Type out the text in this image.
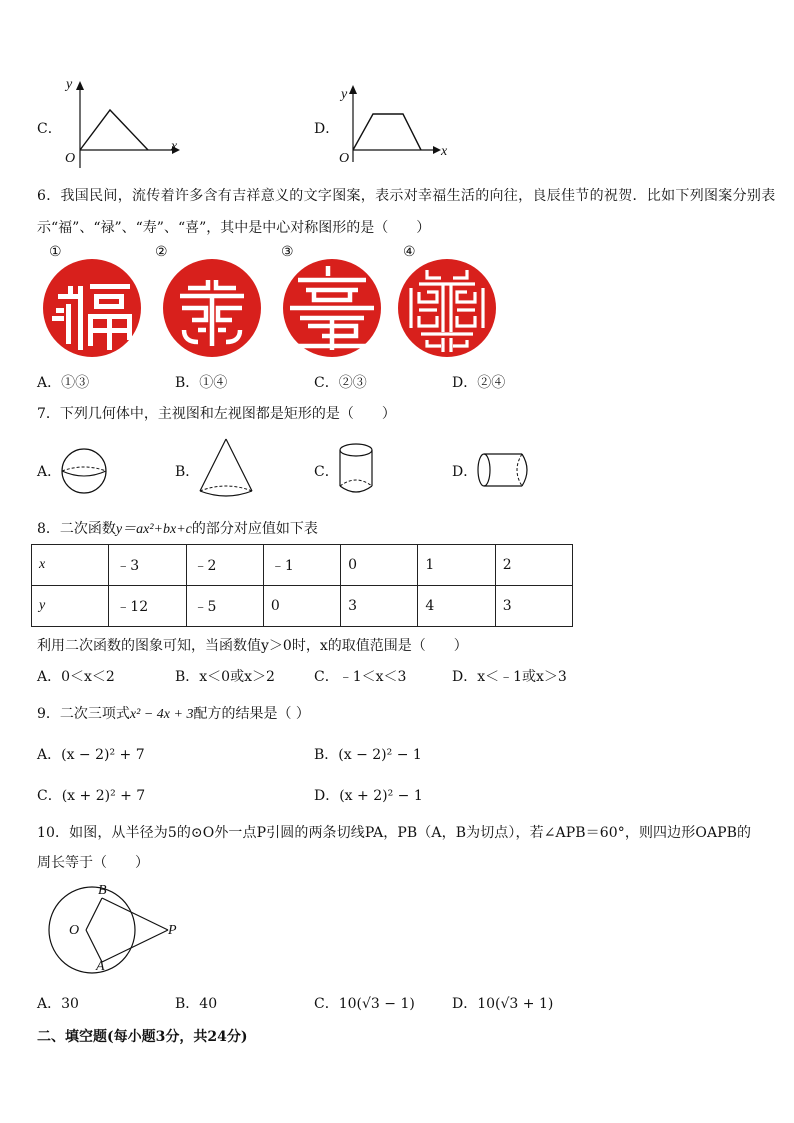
C．
y
x
O
D．
y
x
O
6．我国民间，流传着许多含有吉祥意义的文字图案，表示对幸福生活的向往，良辰佳节的祝贺．比如下列图案分别表
示“福”、“禄”、“寿”、“喜”，其中是中心对称图形的是（　　）
①	②	③	④
A．①③	B．①④	C．②③	D．②④
7．下列几何体中，主视图和左视图都是矩形的是（　　）
A．	B．	C．	D．
8．二次函数y＝ax²+bx+c的部分对应值如下表
x	﹣3	﹣2	﹣1	0	1	2
y	﹣12	﹣5	0	3	4	3
利用二次函数的图象可知，当函数值y＞0时，x的取值范围是（　　）
A．0＜x＜2	B．x＜0或x＞2	C．﹣1＜x＜3	D．x＜﹣1或x＞3
9．二次三项式x² − 4x + 3配方的结果是（ ）
A．(x − 2)² + 7	B．(x − 2)² − 1
C．(x + 2)² + 7	D．(x + 2)² − 1
10．如图，从半径为5的⊙O外一点P引圆的两条切线PA，PB（A，B为切点），若∠APB＝60°，则四边形OAPB的
周长等于（　　）
B
O	P
A
A．30	B．40	C．10(√3 − 1)	D．10(√3 + 1)
二、填空题(每小题3分，共24分)
